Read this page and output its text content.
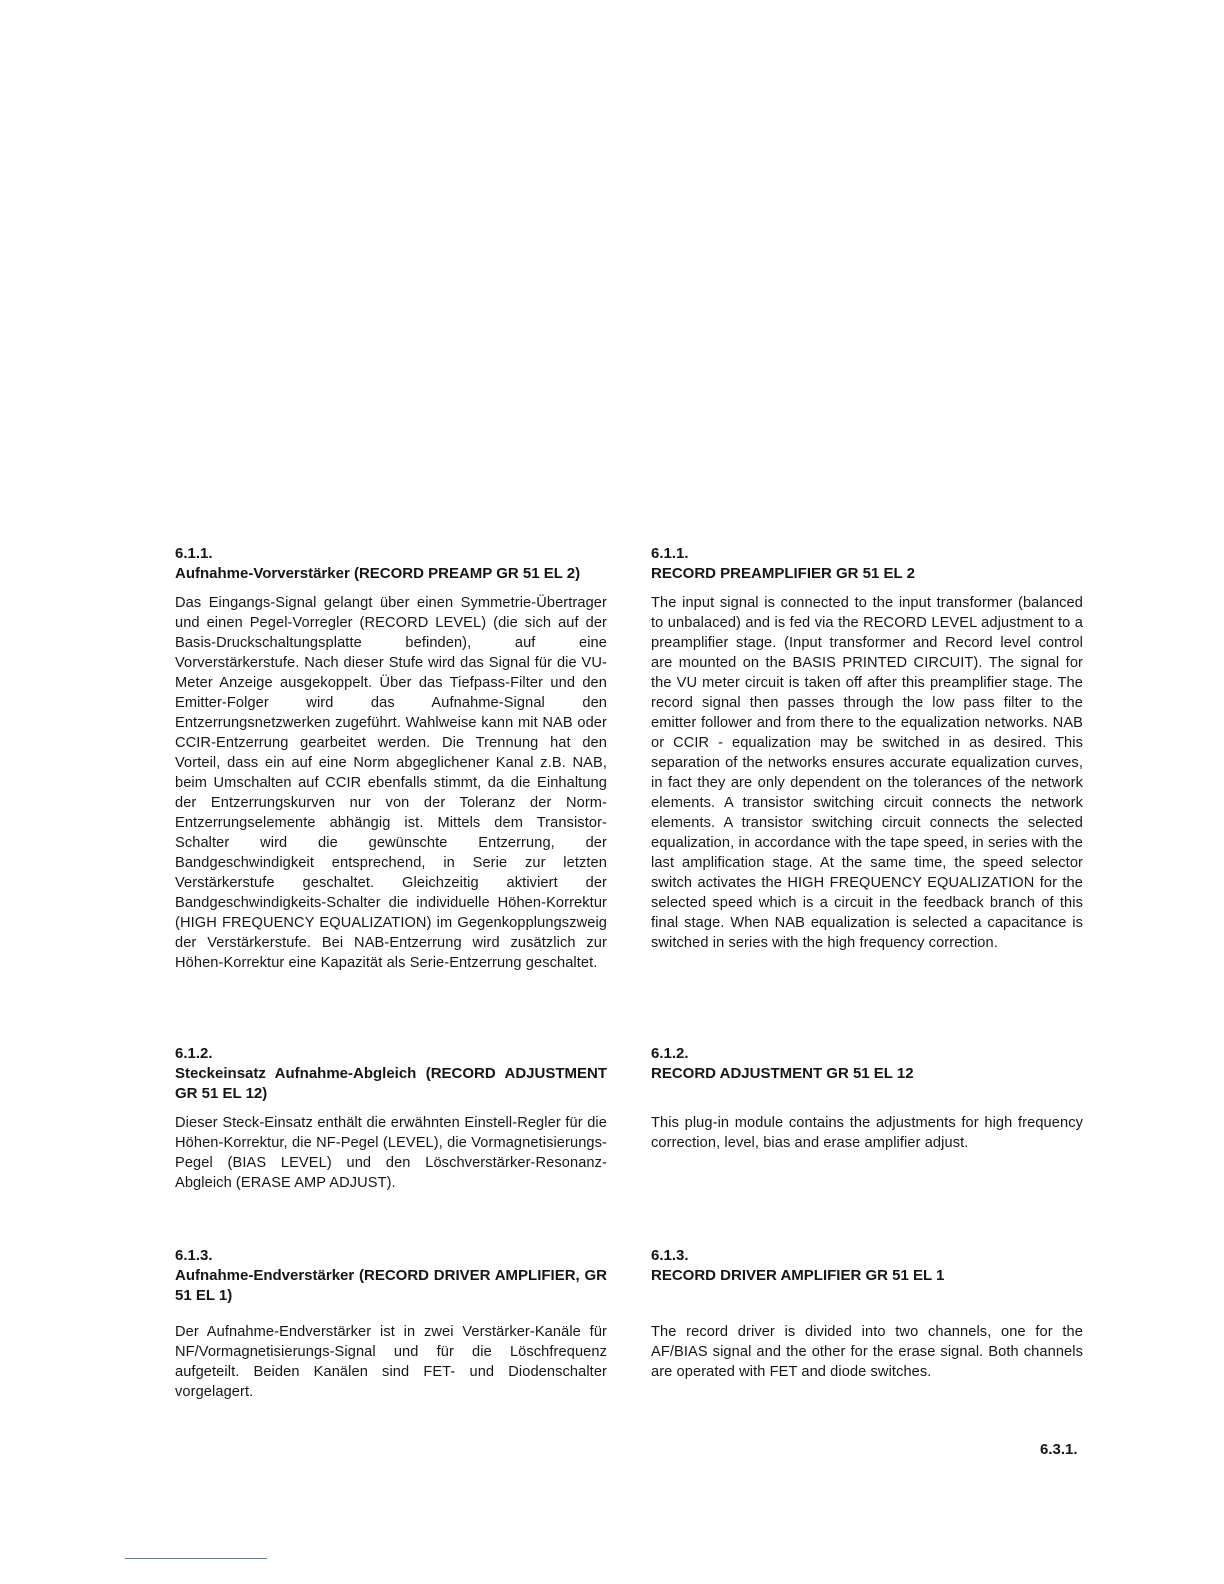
6.1.1.

Aufnahme-Vorverstärker (RECORD PREAMP GR 51 EL 2)

Das Eingangs-Signal gelangt über einen Symmetrie-Übertrager und einen Pegel-Vorregler (RECORD LEVEL) (die sich auf der Basis-Druckschaltungsplatte befinden), auf eine Vorverstärkerstufe. Nach dieser Stufe wird das Signal für die VU-Meter Anzeige ausgekoppelt. Über das Tiefpass-Filter und den Emitter-Folger wird das Aufnahme-Signal den Entzerrungsnetzwerken zugeführt. Wahlweise kann mit NAB oder CCIR-Entzerrung gearbeitet werden. Die Trennung hat den Vorteil, dass ein auf eine Norm abgeglichener Kanal z.B. NAB, beim Umschalten auf CCIR ebenfalls stimmt, da die Einhaltung der Entzerrungskurven nur von der Toleranz der Norm-Entzerrungselemente abhängig ist. Mittels dem Transistor-Schalter wird die gewünschte Entzerrung, der Bandgeschwindigkeit entsprechend, in Serie zur letzten Verstärkerstufe geschaltet. Gleichzeitig aktiviert der Bandgeschwindigkeits-Schalter die individuelle Höhen-Korrektur (HIGH FREQUENCY EQUALIZATION) im Gegenkopplungszweig der Verstärkerstufe. Bei NAB-Entzerrung wird zusätzlich zur Höhen-Korrektur eine Kapazität als Serie-Entzerrung geschaltet.

6.1.1.

RECORD PREAMPLIFIER GR 51 EL 2

The input signal is connected to the input transformer (balanced to unbalaced) and is fed via the RECORD LEVEL adjustment to a preamplifier stage. (Input transformer and Record level control are mounted on the BASIS PRINTED CIRCUIT). The signal for the VU meter circuit is taken off after this preamplifier stage. The record signal then passes through the low pass filter to the emitter follower and from there to the equalization networks. NAB or CCIR - equalization may be switched in as desired. This separation of the networks ensures accurate equalization curves, in fact they are only dependent on the tolerances of the network elements. A transistor switching circuit connects the network elements. A transistor switching circuit connects the selected equalization, in accordance with the tape speed, in series with the last amplification stage. At the same time, the speed selector switch activates the HIGH FREQUENCY EQUALIZATION for the selected speed which is a circuit in the feedback branch of this final stage. When NAB equalization is selected a capacitance is switched in series with the high frequency correction.

6.1.2.

Steckeinsatz Aufnahme-Abgleich (RECORD ADJUSTMENT GR 51 EL 12)

Dieser Steck-Einsatz enthält die erwähnten Einstell-Regler für die Höhen-Korrektur, die NF-Pegel (LEVEL), die Vormagnetisierungs-Pegel (BIAS LEVEL) und den Löschverstärker-Resonanz-Abgleich (ERASE AMP ADJUST).

6.1.2.

RECORD ADJUSTMENT GR 51 EL 12

This plug-in module contains the adjustments for high frequency correction, level, bias and erase amplifier adjust.

6.1.3.

Aufnahme-Endverstärker (RECORD DRIVER AMPLIFIER, GR 51 EL 1)

Der Aufnahme-Endverstärker ist in zwei Verstärker-Kanäle für NF/Vormagnetisierungs-Signal und für die Löschfrequenz aufgeteilt. Beiden Kanälen sind FET- und Diodenschalter vorgelagert.

6.1.3.

RECORD DRIVER AMPLIFIER GR 51 EL 1

The record driver is divided into two channels, one for the AF/BIAS signal and the other for the erase signal. Both channels are operated with FET and diode switches.

6.3.1.
